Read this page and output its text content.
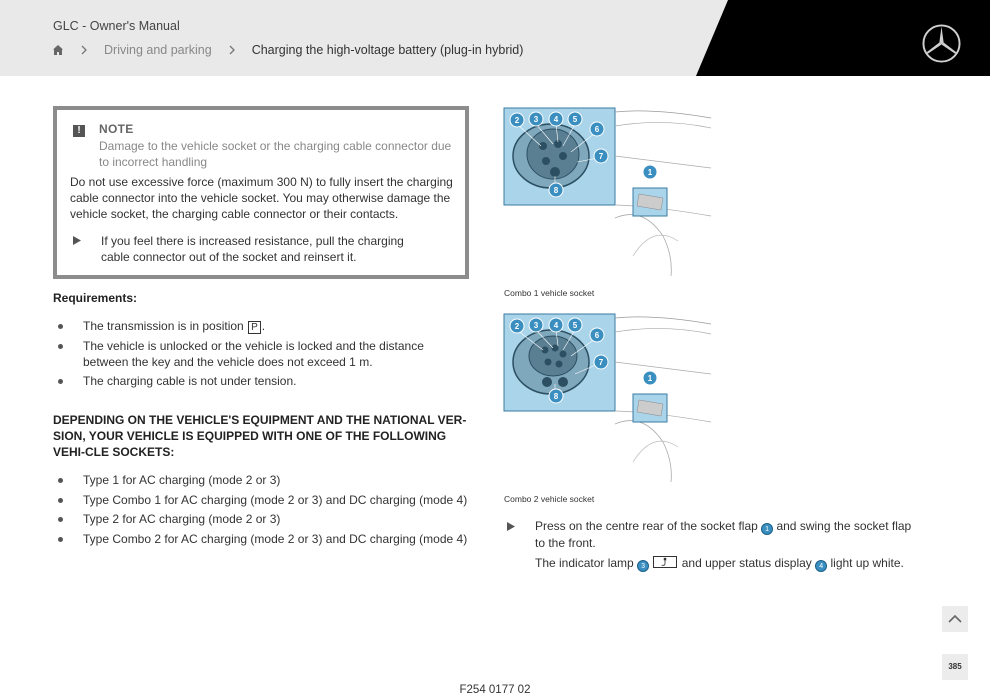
GLC - Owner's Manual
Driving and parking	Charging the high-voltage battery (plug-in hybrid)
!	NOTE
Damage to the vehicle socket or the charging cable connector due to incorrect handling
Do not use excessive force (maximum 300 N) to fully insert the charging cable connector into the vehicle socket. You may otherwise damage the vehicle socket, the charging cable connector or their contacts.
If you feel there is increased resistance, pull the charging cable connector out of the socket and reinsert it.
Requirements:
The transmission is in position P .
The vehicle is unlocked or the vehicle is locked and the distance between the key and the vehicle does not exceed 1 m.
The charging cable is not under tension.
DEPENDING ON THE VEHICLE'S EQUIPMENT AND THE NATIONAL VER-SION, YOUR VEHICLE IS EQUIPPED WITH ONE OF THE FOLLOWING VEHI-CLE SOCKETS:
Type 1 for AC charging (mode 2 or 3)
Type Combo 1 for AC charging (mode 2 or 3) and DC charging (mode 4)
Type 2 for AC charging (mode 2 or 3)
Type Combo 2 for AC charging (mode 2 or 3) and DC charging (mode 4)
2 3 4 5
6
7
8
1
Combo 1 vehicle socket
2 3 4 5
6
7
8
1
Combo 2 vehicle socket
Press on the centre rear of the socket flap 1 and swing the socket flap to the front.
The indicator lamp 3	and upper status display 4 light up white.
385
F254 0177 02
